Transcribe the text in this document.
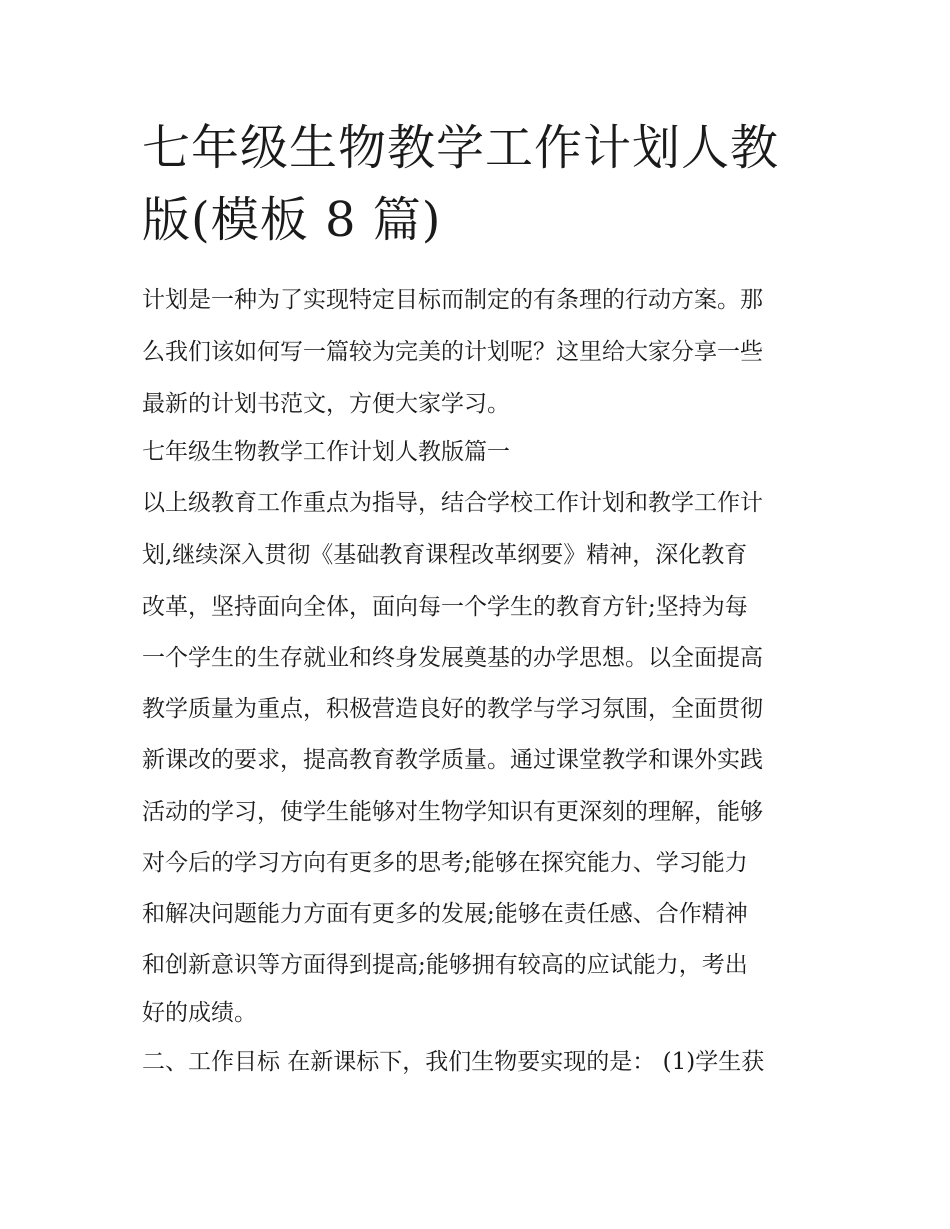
七年级生物教学工作计划人教
版(模板 8 篇)

计划是一种为了实现特定目标而制定的有条理的行动方案。那

么我们该如何写一篇较为完美的计划呢？这里给大家分享一些

最新的计划书范文，方便大家学习。

七年级生物教学工作计划人教版篇一

以上级教育工作重点为指导，结合学校工作计划和教学工作计

划,继续深入贯彻《基础教育课程改革纲要》精神，深化教育

改革，坚持面向全体，面向每一个学生的教育方针;坚持为每

一个学生的生存就业和终身发展奠基的办学思想。以全面提高

教学质量为重点，积极营造良好的教学与学习氛围，全面贯彻

新课改的要求，提高教育教学质量。通过课堂教学和课外实践

活动的学习，使学生能够对生物学知识有更深刻的理解，能够

对今后的学习方向有更多的思考;能够在探究能力、学习能力

和解决问题能力方面有更多的发展;能够在责任感、合作精神

和创新意识等方面得到提高;能够拥有较高的应试能力，考出

好的成绩。

二、工作目标 在新课标下，我们生物要实现的是： (1)学生获
